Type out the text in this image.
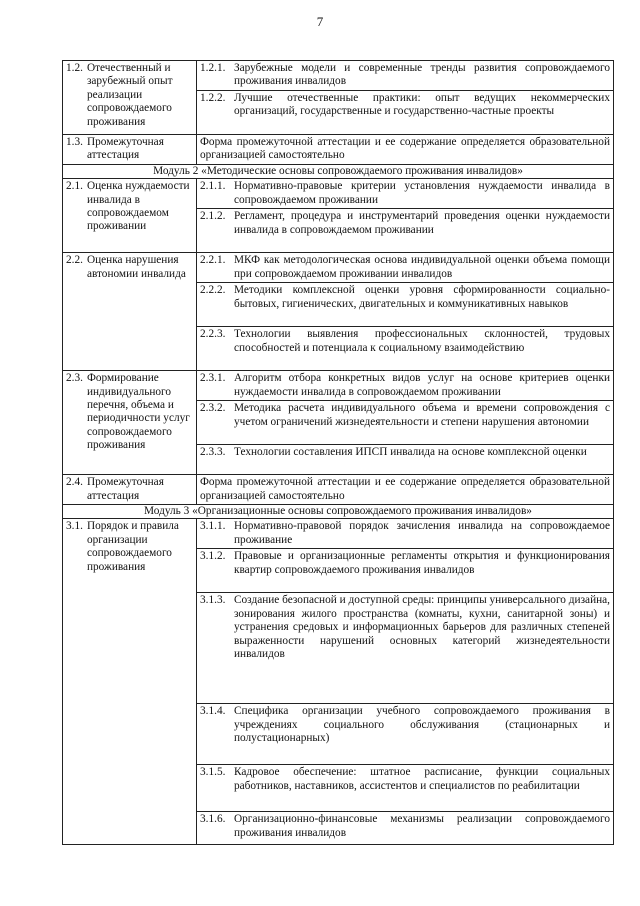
7
1.2. Отечественный и зарубежный опыт реализации сопровождаемого проживания	1.2.1. Зарубежные модели и современные тренды развития сопровождаемого проживания инвалидов

	1.2.2. Лучшие отечественные практики: опыт ведущих некоммерческих организаций, государственные и государственно-частные проекты

1.3. Промежуточная аттестация	Форма промежуточной аттестации и ее содержание определяется образовательной организацией самостоятельно
Модуль 2 «Методические основы сопровождаемого проживания инвалидов»	

2.1. Оценка нуждаемости инвалида в сопровождаемом проживании	2.1.1. Нормативно-правовые критерии установления нуждаемости инвалида в сопровождаемом проживании

	2.1.2. Регламент, процедура и инструментарий проведения оценки нуждаемости инвалида в сопровождаемом проживании

2.2. Оценка нарушения автономии инвалида	2.2.1. МКФ как методологическая основа индивидуальной оценки объема помощи при сопровождаемом проживании инвалидов

	2.2.2. Методики комплексной оценки уровня сформированности социально-бытовых, гигиенических, двигательных и коммуникативных навыков

	2.2.3. Технологии выявления профессиональных склонностей, трудовых способностей и потенциала к социальному взаимодействию

2.3. Формирование индивидуального перечня, объема и периодичности услуг сопровождаемого проживания	2.3.1. Алгоритм отбора конкретных видов услуг на основе критериев оценки нуждаемости инвалида в сопровождаемом проживании

	2.3.2. Методика расчета индивидуального объема и времени сопровождения с учетом ограничений жизнедеятельности и степени нарушения автономии

	2.3.3. Технологии составления ИПСП инвалида на основе комплексной оценки

2.4. Промежуточная аттестация	Форма промежуточной аттестации и ее содержание определяется образовательной организацией самостоятельно
Модуль 3 «Организационные основы сопровождаемого проживания инвалидов»	

3.1. Порядок и правила организации сопровождаемого проживания	3.1.1. Нормативно-правовой порядок зачисления инвалида на сопровождаемое проживание

	3.1.2. Правовые и организационные регламенты открытия и функционирования квартир сопровождаемого проживания инвалидов

	3.1.3. Создание безопасной и доступной среды: принципы универсального дизайна, зонирования жилого пространства (комнаты, кухни, санитарной зоны) и устранения средовых и информационных барьеров для различных степеней выраженности нарушений основных категорий жизнедеятельности инвалидов

	3.1.4. Специфика организации учебного сопровождаемого проживания в учреждениях социального обслуживания (стационарных и полустационарных)

	3.1.5. Кадровое обеспечение: штатное расписание, функции социальных работников, наставников, ассистентов и специалистов по реабилитации

	3.1.6. Организационно-финансовые механизмы реализации сопровождаемого проживания инвалидов
